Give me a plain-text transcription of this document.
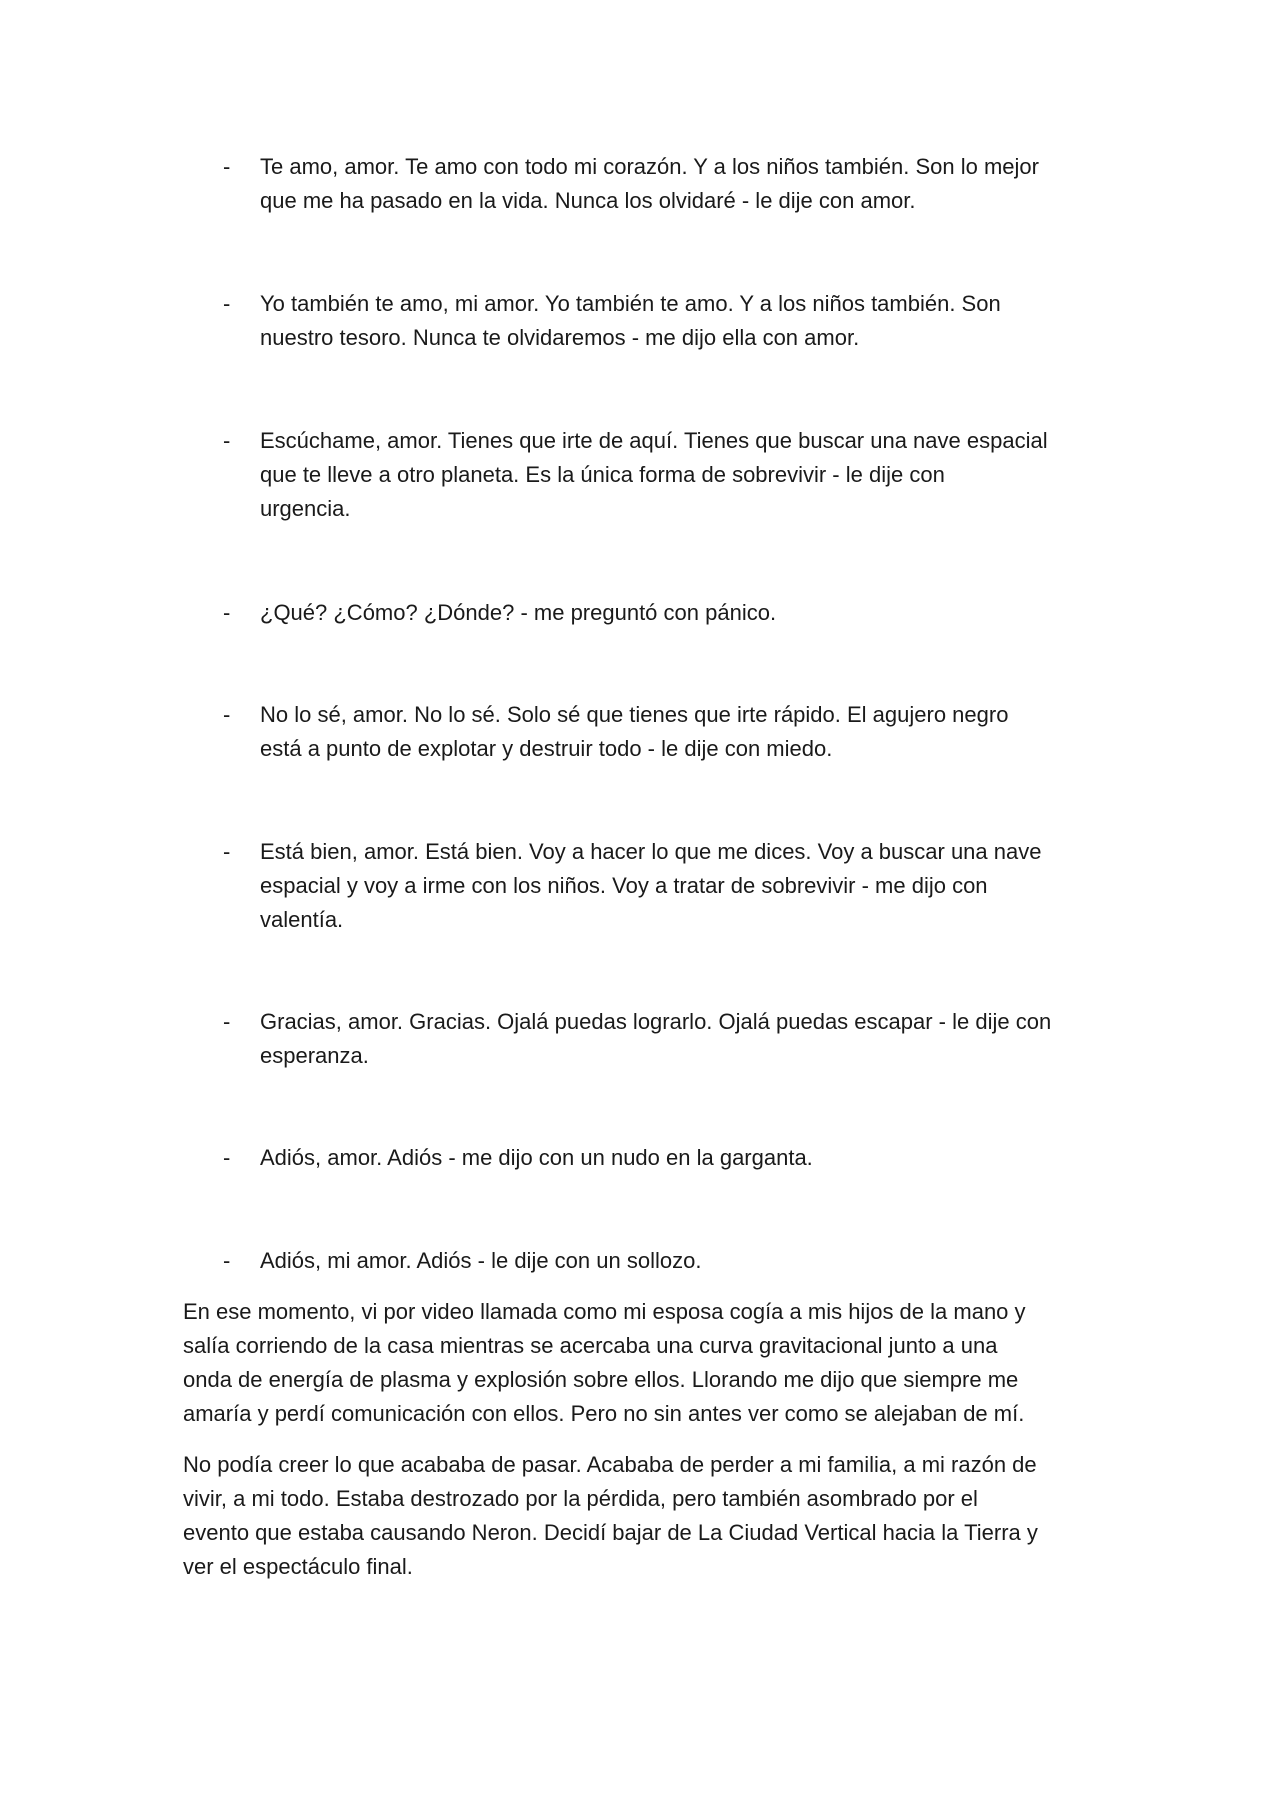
-	Te amo, amor. Te amo con todo mi corazón. Y a los niños también. Son lo mejor
que me ha pasado en la vida. Nunca los olvidaré - le dije con amor.
-	Yo también te amo, mi amor. Yo también te amo. Y a los niños también. Son
nuestro tesoro. Nunca te olvidaremos - me dijo ella con amor.
-	Escúchame, amor. Tienes que irte de aquí. Tienes que buscar una nave espacial
que te lleve a otro planeta. Es la única forma de sobrevivir - le dije con
urgencia.
-	¿Qué? ¿Cómo? ¿Dónde? - me preguntó con pánico.
-	No lo sé, amor. No lo sé. Solo sé que tienes que irte rápido. El agujero negro
está a punto de explotar y destruir todo - le dije con miedo.
-	Está bien, amor. Está bien. Voy a hacer lo que me dices. Voy a buscar una nave
espacial y voy a irme con los niños. Voy a tratar de sobrevivir - me dijo con
valentía.
-	Gracias, amor. Gracias. Ojalá puedas lograrlo. Ojalá puedas escapar - le dije con
esperanza.
-	Adiós, amor. Adiós - me dijo con un nudo en la garganta.
-	Adiós, mi amor. Adiós - le dije con un sollozo.
En ese momento, vi por video llamada como mi esposa cogía a mis hijos de la mano y
salía corriendo de la casa mientras se acercaba una curva gravitacional junto a una
onda de energía de plasma y explosión sobre ellos. Llorando me dijo que siempre me
amaría y perdí comunicación con ellos. Pero no sin antes ver como se alejaban de mí.
No podía creer lo que acababa de pasar. Acababa de perder a mi familia, a mi razón de
vivir, a mi todo. Estaba destrozado por la pérdida, pero también asombrado por el
evento que estaba causando Neron. Decidí bajar de La Ciudad Vertical hacia la Tierra y
ver el espectáculo final.
